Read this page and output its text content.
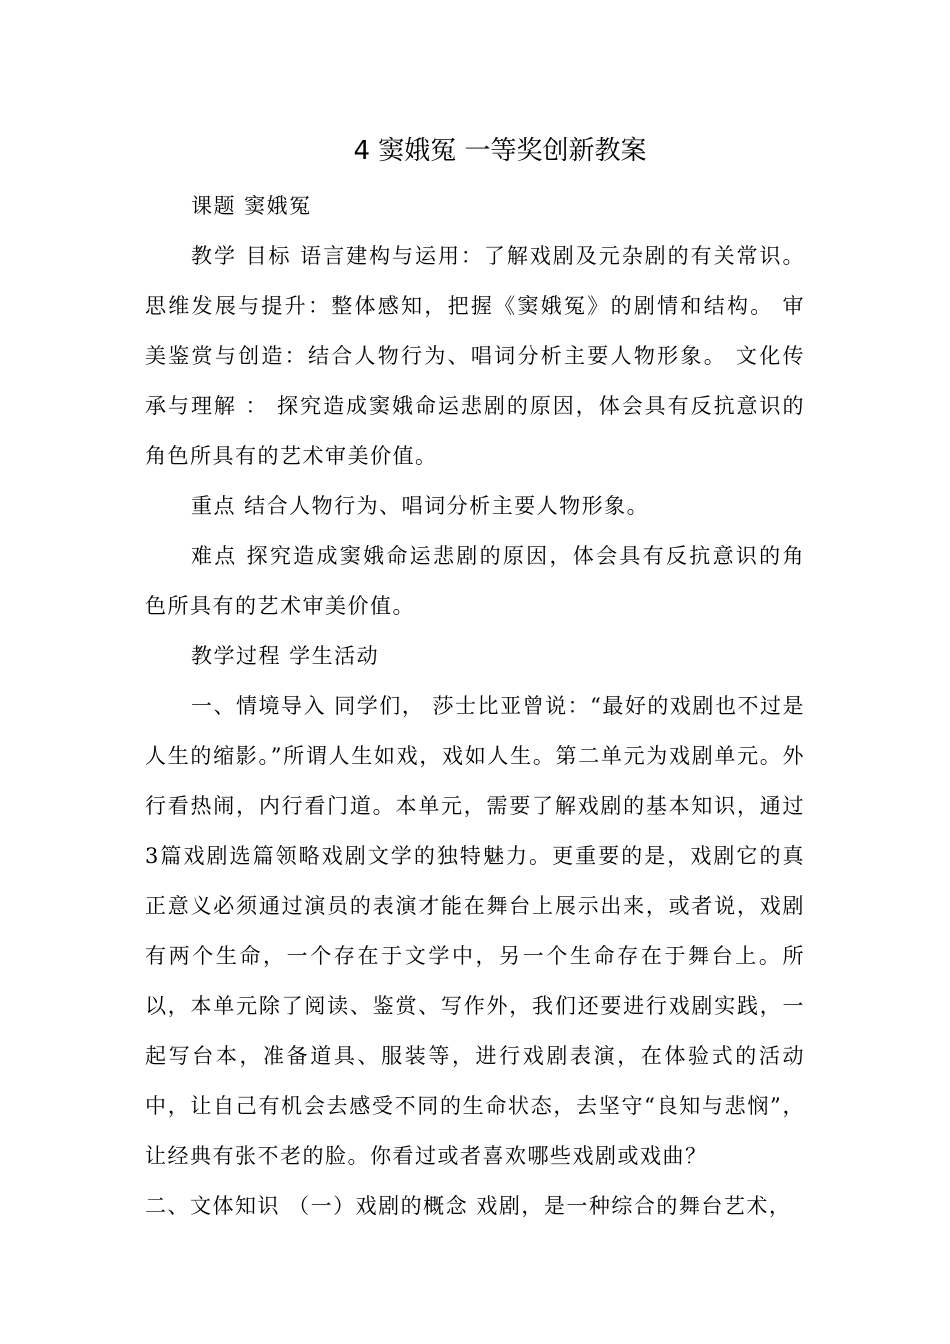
4 窦娥冤 一等奖创新教案

课题 窦娥冤

教学 目标 语言建构与运用：了解戏剧及元杂剧的有关常识。思维发展与提升：整体感知，把握《窦娥冤》的剧情和结构。 审美鉴赏与创造：结合人物行为、唱词分析主要人物形象。 文化传承与理解 ： 探究造成窦娥命运悲剧的原因，体会具有反抗意识的角色所具有的艺术审美价值。

重点 结合人物行为、唱词分析主要人物形象。

难点 探究造成窦娥命运悲剧的原因，体会具有反抗意识的角色所具有的艺术审美价值。

教学过程 学生活动

一、情境导入 同学们， 莎士比亚曾说：“最好的戏剧也不过是人生的缩影。”所谓人生如戏，戏如人生。第二单元为戏剧单元。外行看热闹，内行看门道。本单元，需要了解戏剧的基本知识，通过3篇戏剧选篇领略戏剧文学的独特魅力。更重要的是，戏剧它的真正意义必须通过演员的表演才能在舞台上展示出来，或者说，戏剧有两个生命，一个存在于文学中，另一个生命存在于舞台上。所以，本单元除了阅读、鉴赏、写作外，我们还要进行戏剧实践，一起写台本，准备道具、服装等，进行戏剧表演，在体验式的活动中，让自己有机会去感受不同的生命状态，去坚守“良知与悲悯”，让经典有张不老的脸。你看过或者喜欢哪些戏剧或戏曲？

二、文体知识 （一）戏剧的概念 戏剧，是一种综合的舞台艺术，
